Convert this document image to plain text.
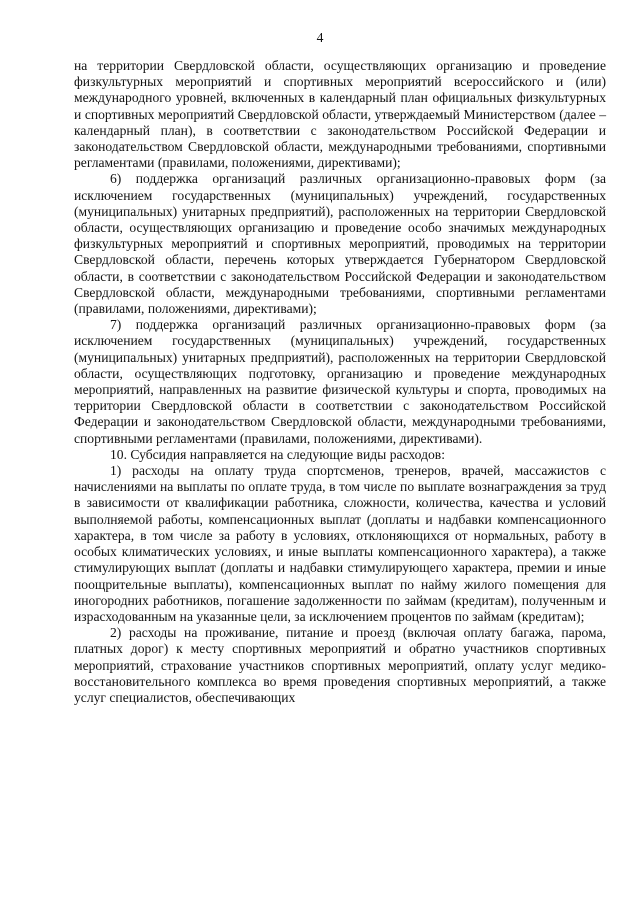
4

на территории Свердловской области, осуществляющих организацию и проведение физкультурных мероприятий и спортивных мероприятий всероссийского и (или) международного уровней, включенных в календарный план официальных физкультурных и спортивных мероприятий Свердловской области, утверждаемый Министерством (далее – календарный план), в соответствии с законодательством Российской Федерации и законодательством Свердловской области, международными требованиями, спортивными регламентами (правилами, положениями, директивами);

6) поддержка организаций различных организационно-правовых форм (за исключением государственных (муниципальных) учреждений, государственных (муниципальных) унитарных предприятий), расположенных на территории Свердловской области, осуществляющих организацию и проведение особо значимых международных физкультурных мероприятий и спортивных мероприятий, проводимых на территории Свердловской области, перечень которых утверждается Губернатором Свердловской области, в соответствии с законодательством Российской Федерации и законодательством Свердловской области, международными требованиями, спортивными регламентами (правилами, положениями, директивами);

7) поддержка организаций различных организационно-правовых форм (за исключением государственных (муниципальных) учреждений, государственных (муниципальных) унитарных предприятий), расположенных на территории Свердловской области, осуществляющих подготовку, организацию и проведение международных мероприятий, направленных на развитие физической культуры и спорта, проводимых на территории Свердловской области в соответствии с законодательством Российской Федерации и законодательством Свердловской области, международными требованиями, спортивными регламентами (правилами, положениями, директивами).

10. Субсидия направляется на следующие виды расходов:

1) расходы на оплату труда спортсменов, тренеров, врачей, массажистов с начислениями на выплаты по оплате труда, в том числе по выплате вознаграждения за труд в зависимости от квалификации работника, сложности, количества, качества и условий выполняемой работы, компенсационных выплат (доплаты и надбавки компенсационного характера, в том числе за работу в условиях, отклоняющихся от нормальных, работу в особых климатических условиях, и иные выплаты компенсационного характера), а также стимулирующих выплат (доплаты и надбавки стимулирующего характера, премии и иные поощрительные выплаты), компенсационных выплат по найму жилого помещения для иногородних работников, погашение задолженности по займам (кредитам), полученным и израсходованным на указанные цели, за исключением процентов по займам (кредитам);

2) расходы на проживание, питание и проезд (включая оплату багажа, парома, платных дорог) к месту спортивных мероприятий и обратно участников спортивных мероприятий, страхование участников спортивных мероприятий, оплату услуг медико-восстановительного комплекса во время проведения спортивных мероприятий, а также услуг специалистов, обеспечивающих
